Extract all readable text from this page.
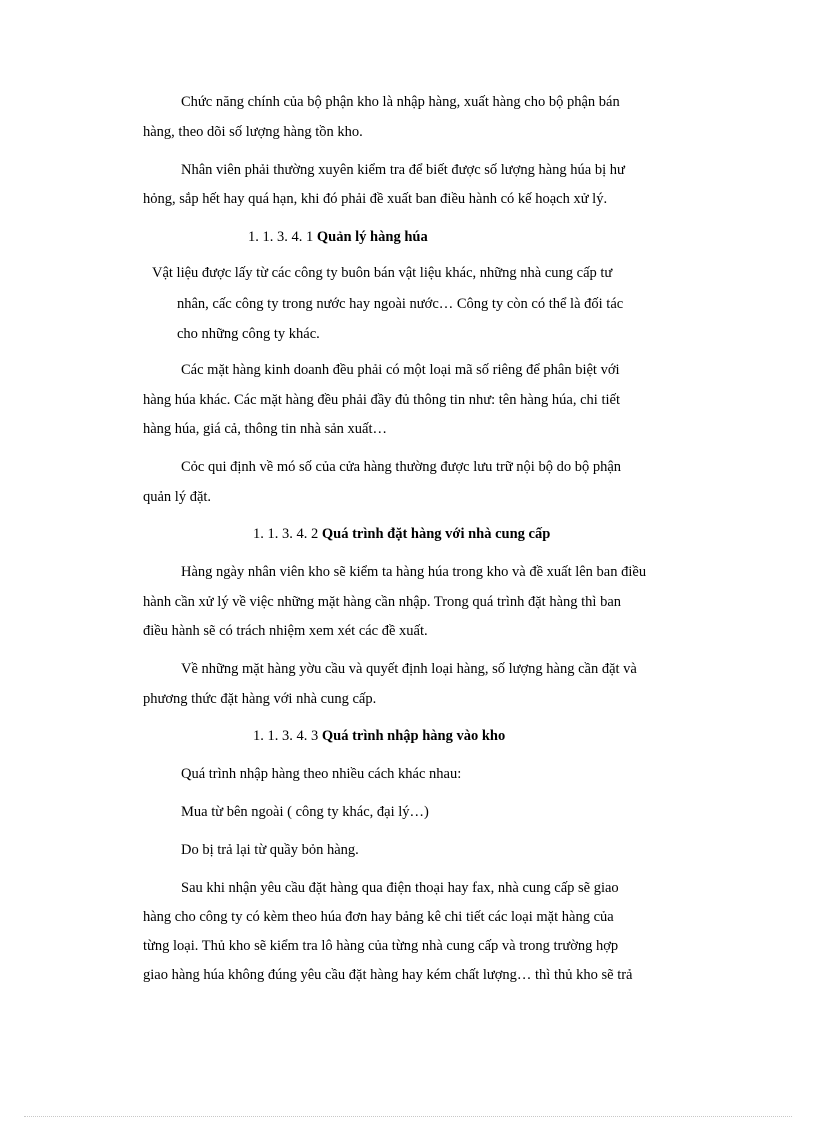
Chức năng chính của bộ phận kho là nhập hàng, xuất hàng cho bộ phận bán
hàng, theo dõi số lượng hàng tồn kho.
Nhân viên phải thường xuyên kiểm tra để biết được số lượng hàng húa bị hư
hỏng, sắp hết hay quá hạn, khi đó phải đề xuất ban điều hành có kế hoạch xử lý.
1. 1. 3. 4. 1 Quản lý hàng húa
Vật liệu được lấy từ các công ty buôn bán vật liệu khác, những nhà cung cấp tư
nhân, cấc công ty trong nước hay ngoài nước… Công ty còn có thể là đối tác
cho những công ty khác.
Các mặt hàng kinh doanh đều phải có một loại mã số riêng để phân biệt với
hàng húa khác. Các mặt hàng đều phải đầy đủ thông tin như: tên hàng húa, chi tiết
hàng húa, giá cả, thông tin nhà sản xuất…
Cỏc qui định về mó số của cửa hàng thường được lưu trữ nội bộ do bộ phận
quản lý đặt.
1. 1. 3. 4. 2 Quá trình đặt hàng với nhà cung cấp
Hàng ngày nhân viên kho sẽ kiểm ta hàng húa trong kho và đề xuất lên ban điều
hành cần xử lý về việc những mặt hàng cần nhập. Trong quá trình đặt hàng thì ban
điều hành sẽ có trách nhiệm xem xét các đề xuất.
Về những mặt hàng yờu cầu và quyết định loại hàng, số lượng hàng cần đặt và
phương thức đặt hàng với nhà cung cấp.
1. 1. 3. 4. 3 Quá trình nhập hàng vào kho
Quá trình nhập hàng theo nhiều cách khác nhau:
Mua từ bên ngoài ( công ty khác, đại lý…)
Do bị trả lại từ quầy bỏn hàng.
Sau khi nhận yêu cầu đặt hàng qua điện thoại hay fax, nhà cung cấp sẽ giao
hàng cho công ty có kèm theo húa đơn hay bảng kê chi tiết các loại mặt hàng của
từng loại. Thủ kho sẽ kiểm tra lô hàng của từng nhà cung cấp và trong trường hợp
giao hàng húa không đúng yêu cầu đặt hàng hay kém chất lượng… thì thủ kho sẽ trả
